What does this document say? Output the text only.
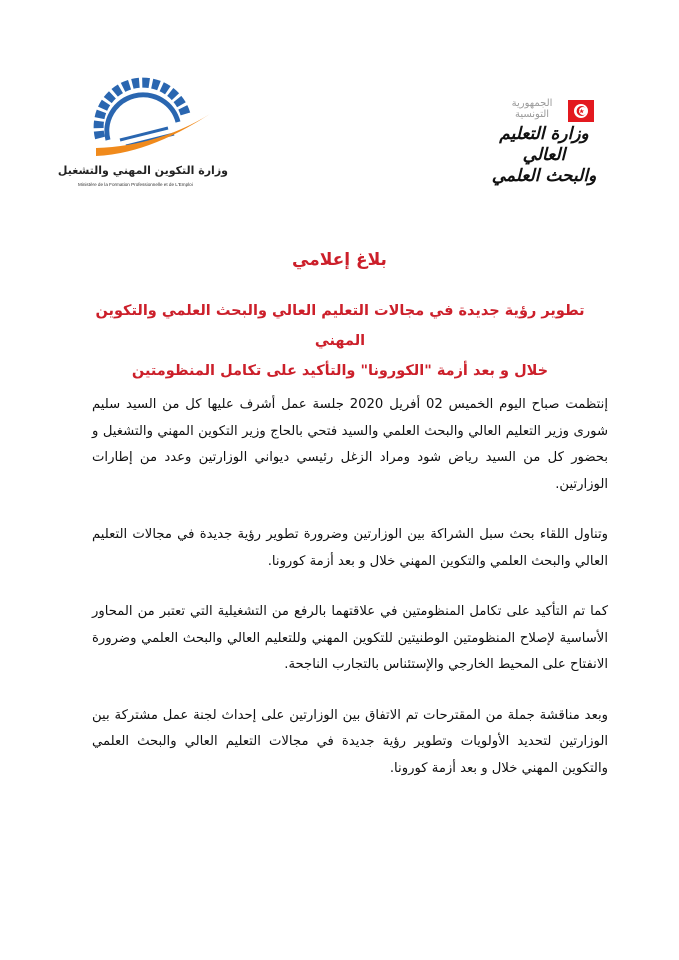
وزارة التكوين المهني والتشغيل
Ministère de la Formation Professionnelle et de L'Emploi
الجمهورية التونسية
وزارة التعليم العالي
والبحث العلمي
بلاغ إعلامي
تطوير رؤية جديدة في مجالات التعليم العالي والبحث العلمي والتكوين المهني
خلال و بعد أزمة "الكورونا" والتأكيد على تكامل المنظومتين

إنتظمت صباح اليوم الخميس 02 أفريل 2020 جلسة عمل أشرف عليها كل من السيد سليم شورى وزير التعليم العالي والبحث العلمي والسيد فتحي بالحاج وزير التكوين المهني والتشغيل و بحضور كل من السيد رياض شود ومراد الزغل رئيسي ديواني الوزارتين وعدد من إطارات الوزارتين.

وتناول اللقاء بحث سبل الشراكة بين الوزارتين وضرورة تطوير رؤية جديدة في مجالات التعليم العالي والبحث العلمي والتكوين المهني خلال و بعد أزمة كورونا.

كما تم التأكيد على تكامل المنظومتين في علاقتهما بالرفع من التشغيلية التي تعتبر من المحاور الأساسية لإصلاح المنظومتين الوطنيتين للتكوين المهني وللتعليم العالي والبحث العلمي وضرورة الانفتاح على المحيط الخارجي والإستئناس بالتجارب الناجحة.

وبعد مناقشة جملة من المقترحات تم الاتفاق بين الوزارتين على إحداث لجنة عمل مشتركة بين الوزارتين لتحديد الأولويات وتطوير رؤية جديدة في مجالات التعليم العالي والبحث العلمي والتكوين المهني خلال و بعد أزمة كورونا.
